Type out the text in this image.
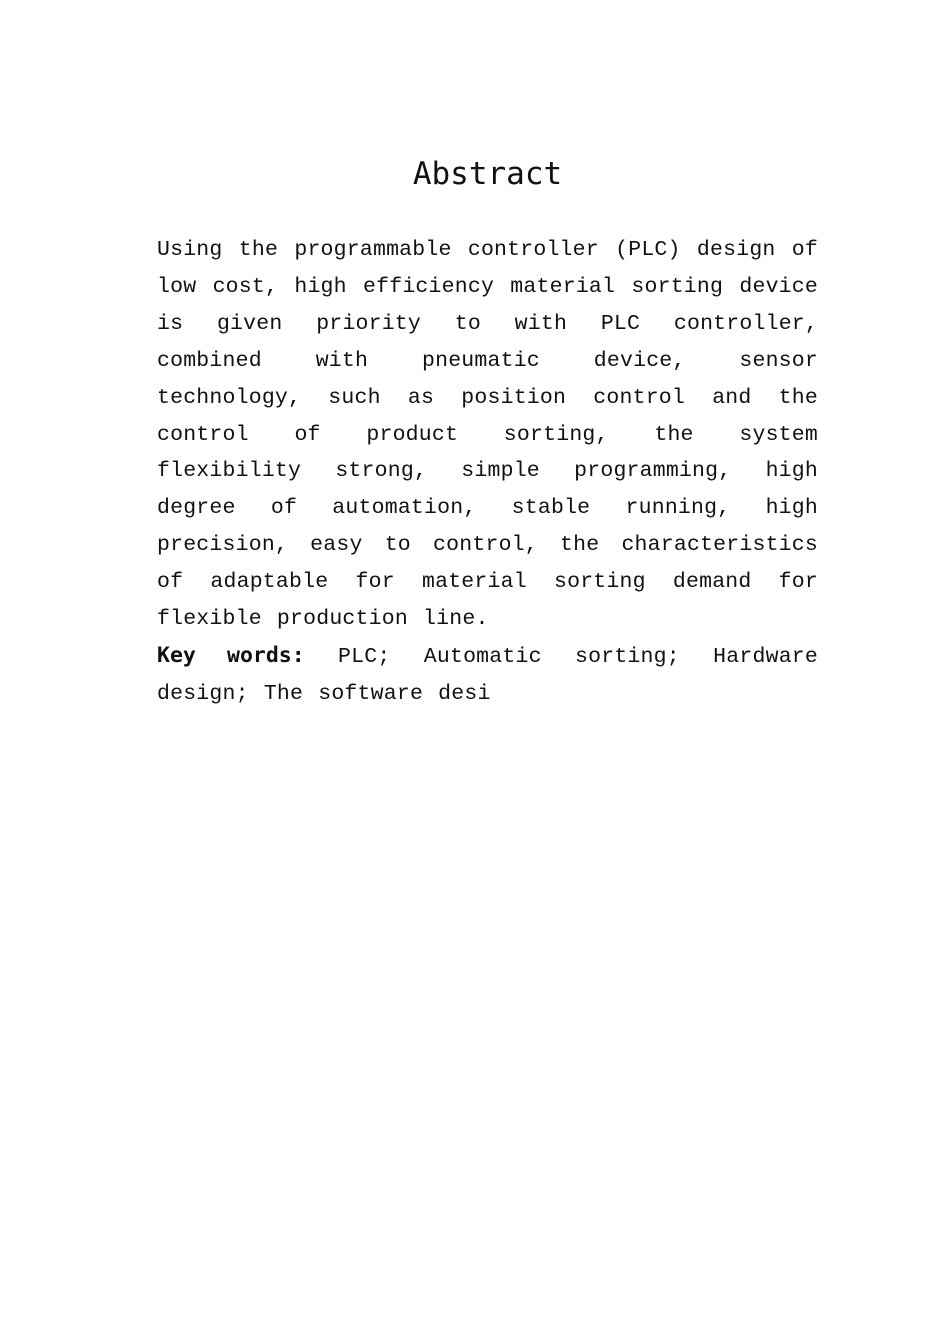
Abstract
Using the programmable controller (PLC) design of low cost, high efficiency material sorting device is given priority to with PLC controller, combined with pneumatic device, sensor technology, such as position control and the control of product sorting, the system flexibility strong, simple programming, high degree of automation, stable running, high precision, easy to control, the characteristics of adaptable for material sorting demand for flexible production line.
Key words: PLC; Automatic sorting; Hardware design; The software desi
